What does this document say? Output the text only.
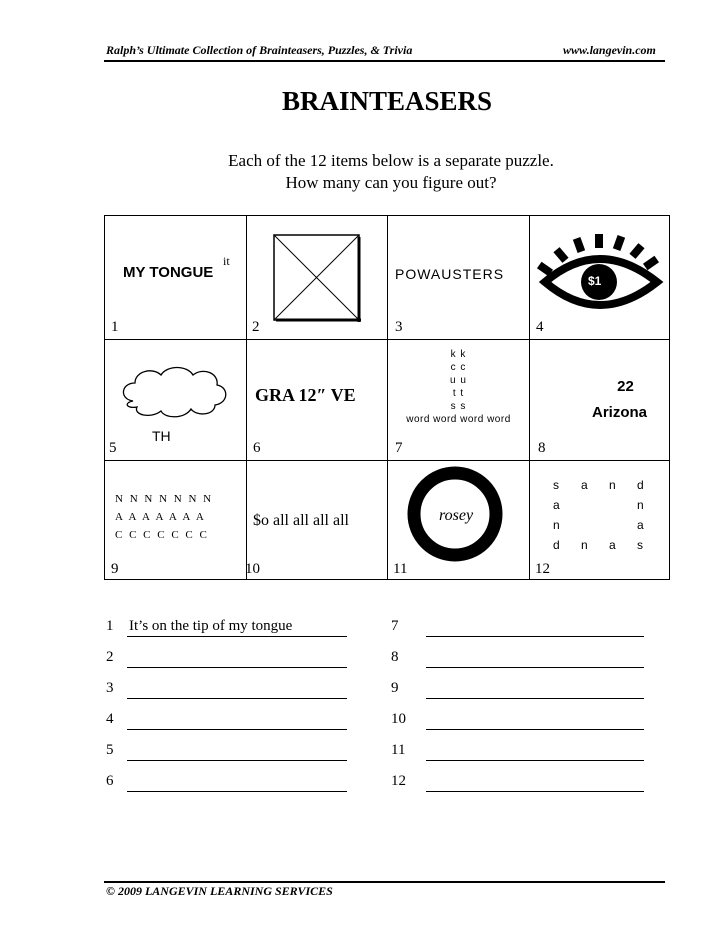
Ralph’s Ultimate Collection of Brainteasers, Puzzles, & Trivia	www.langevin.com
BRAINTEASERS
Each of the 12 items below is a separate puzzle.
How many can you figure out?
MY TONGUE
it
1	2
POWAUSTERS
3
$1
4
TH
5
GRA 12″ VE
6
k k
c c
u u
t t
s s
word word word word
7
22
Arizona
8
N N N N N N N
A A A A A A A
C C C C C C C
9
$o all all all all
10
rosey
11
s a n d
a
n
n
a
d n a s
12
1 It’s on the tip of my tongue
2
3
4
5
6
7
8
9
10
11
12
© 2009 LANGEVIN LEARNING SERVICES
